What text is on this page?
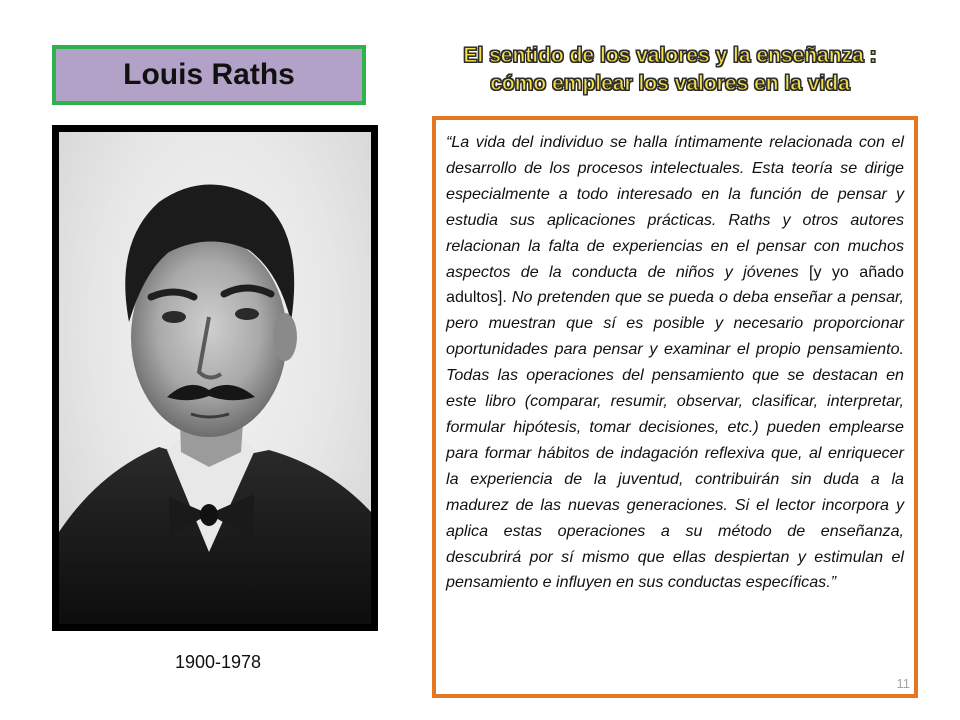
Louis Raths
El sentido de los valores y la enseñanza :
cómo emplear los valores en la vida
1900-1978

“La vida del individuo se halla íntimamente relacionada con el desarrollo de los procesos intelectuales. Esta teoría se dirige especialmente a todo interesado en la función de pensar y estudia sus aplicaciones prácticas. Raths y otros autores relacionan la falta de experiencias en el pensar con muchos aspectos de la conducta de niños y jóvenes [y yo añado adultos]. No pretenden que se pueda o deba enseñar a pensar, pero muestran que sí es posible y necesario proporcionar oportunidades para pensar y examinar el propio pensamiento. Todas las operaciones del pensamiento que se destacan en este libro (comparar, resumir, observar, clasificar, interpretar, formular hipótesis, tomar decisiones, etc.) pueden emplearse para formar hábitos de indagación reflexiva que, al enriquecer la experiencia de la juventud, contribuirán sin duda a la madurez de las nuevas generaciones. Si el lector incorpora y aplica estas operaciones a su método de enseñanza, descubrirá por sí mismo que ellas despiertan y estimulan el pensamiento e influyen en sus conductas específicas.”

11
